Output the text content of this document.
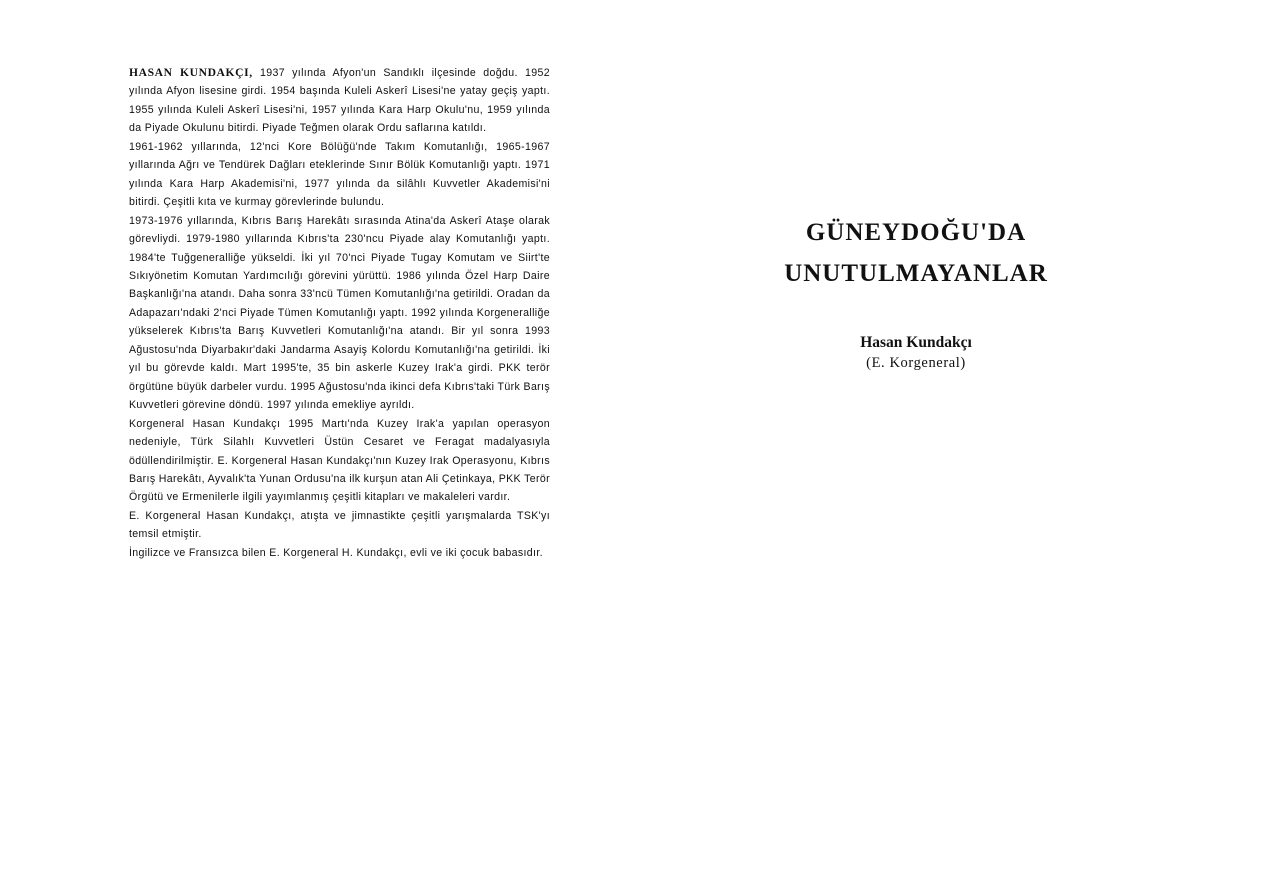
HASAN KUNDAKÇI, 1937 yılında Afyon'un Sandıklı ilçesinde doğdu. 1952 yılında Afyon lisesine girdi. 1954 başında Kuleli Askerî Lisesi'ne yatay geçiş yaptı. 1955 yılında Kuleli Askerî Lisesi'ni, 1957 yılında Kara Harp Okulu'nu, 1959 yılında da Piyade Okulunu bitirdi. Piyade Teğmen olarak Ordu saflarına katıldı.

1961-1962 yıllarında, 12'nci Kore Bölüğü'nde Takım Komutanlığı, 1965-1967 yıllarında Ağrı ve Tendürek Dağları eteklerinde Sınır Bölük Komutanlığı yaptı. 1971 yılında Kara Harp Akademisi'ni, 1977 yılında da silâhlı Kuvvetler Akademisi'ni bitirdi. Çeşitli kıta ve kurmay görevlerinde bulundu.

1973-1976 yıllarında, Kıbrıs Barış Harekâtı sırasında Atina'da Askerî Ataşe olarak görevliydi. 1979-1980 yıllarında Kıbrıs'ta 230'ncu Piyade alay Komutanlığı yaptı. 1984'te Tuğgeneralliğe yükseldi. İki yıl 70'nci Piyade Tugay Komutam ve Siirt'te Sıkıyönetim Komutan Yardımcılığı görevini yürüttü. 1986 yılında Özel Harp Daire Başkanlığı'na atandı. Daha sonra 33'ncü Tümen Komutanlığı'na getirildi. Oradan da Adapazarı'ndaki 2'nci Piyade Tümen Komutanlığı yaptı. 1992 yılında Korgeneralliğe yükselerek Kıbrıs'ta Barış Kuvvetleri Komutanlığı'na atandı. Bir yıl sonra 1993 Ağustosu'nda Diyarbakır'daki Jandarma Asayiş Kolordu Komutanlığı'na getirildi. İki yıl bu görevde kaldı. Mart 1995'te, 35 bin askerle Kuzey Irak'a girdi. PKK terör örgütüne büyük darbeler vurdu. 1995 Ağustosu'nda ikinci defa Kıbrıs'taki Türk Barış Kuvvetleri görevine döndü. 1997 yılında emekliye ayrıldı.

Korgeneral Hasan Kundakçı 1995 Martı'nda Kuzey Irak'a yapılan operasyon nedeniyle, Türk Silahlı Kuvvetleri Üstün Cesaret ve Feragat madalyasıyla ödüllendirilmiştir. E. Korgeneral Hasan Kundakçı'nın Kuzey Irak Operasyonu, Kıbrıs Barış Harekâtı, Ayvalık'ta Yunan Ordusu'na ilk kurşun atan Ali Çetinkaya, PKK Terör Örgütü ve Ermenilerle ilgili yayımlanmış çeşitli kitapları ve makaleleri vardır.

E. Korgeneral Hasan Kundakçı, atışta ve jimnastikte çeşitli yarışmalarda TSK'yı temsil etmiştir.

İngilizce ve Fransızca bilen E. Korgeneral H. Kundakçı, evli ve iki çocuk babasıdır.

GÜNEYDOĞU'DA
UNUTULMAYANLAR
Hasan Kundakçı
(E. Korgeneral)
